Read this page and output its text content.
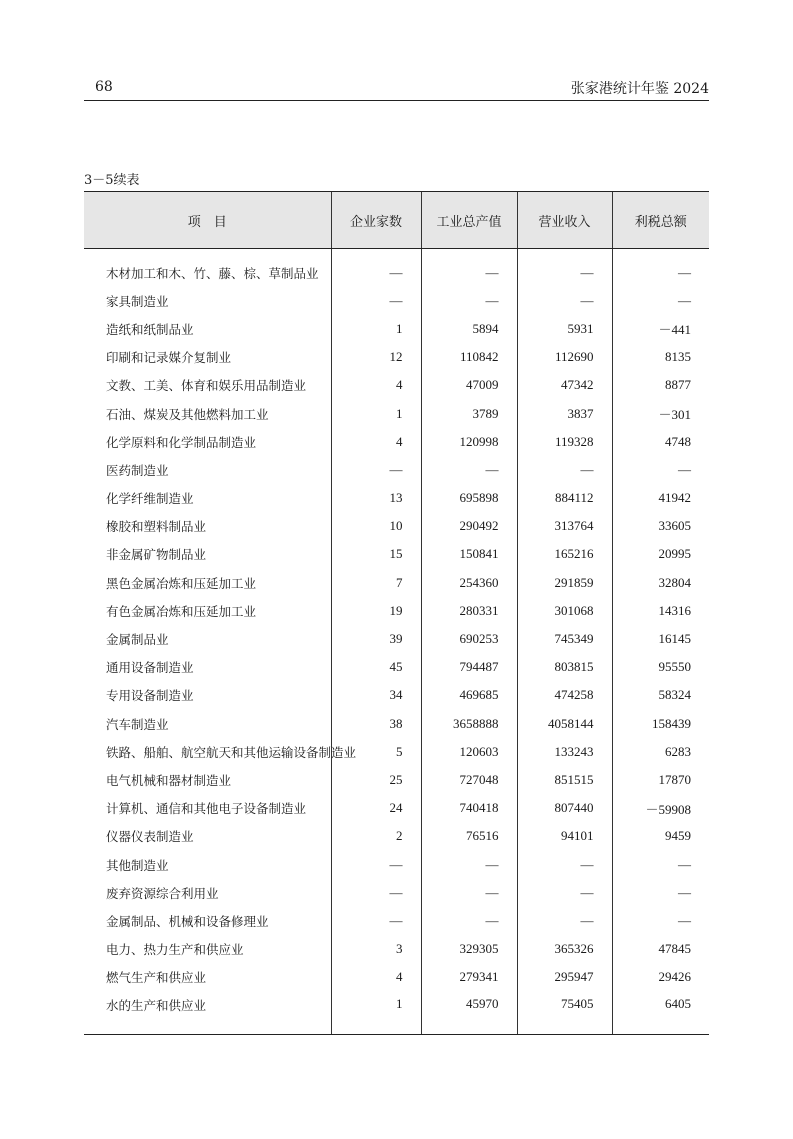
68	张家港统计年鉴 2024
3－5续表
项　目	企业家数	工业总产值	营业收入	利税总额

木材加工和木、竹、藤、棕、草制品业	—	—	—	—
家具制造业	—	—	—	—
造纸和纸制品业	1	5894	5931	－441
印刷和记录媒介复制业	12	110842	112690	8135
文教、工美、体育和娱乐用品制造业	4	47009	47342	8877
石油、煤炭及其他燃料加工业	1	3789	3837	－301
化学原料和化学制品制造业	4	120998	119328	4748
医药制造业	—	—	—	—
化学纤维制造业	13	695898	884112	41942
橡胶和塑料制品业	10	290492	313764	33605
非金属矿物制品业	15	150841	165216	20995
黑色金属冶炼和压延加工业	7	254360	291859	32804
有色金属冶炼和压延加工业	19	280331	301068	14316
金属制品业	39	690253	745349	16145
通用设备制造业	45	794487	803815	95550
专用设备制造业	34	469685	474258	58324
汽车制造业	38	3658888	4058144	158439
铁路、船舶、航空航天和其他运输设备制造业	5	120603	133243	6283
电气机械和器材制造业	25	727048	851515	17870
计算机、通信和其他电子设备制造业	24	740418	807440	－59908
仪器仪表制造业	2	76516	94101	9459
其他制造业	—	—	—	—
废弃资源综合利用业	—	—	—	—
金属制品、机械和设备修理业	—	—	—	—
电力、热力生产和供应业	3	329305	365326	47845
燃气生产和供应业	4	279341	295947	29426
水的生产和供应业	1	45970	75405	6405
